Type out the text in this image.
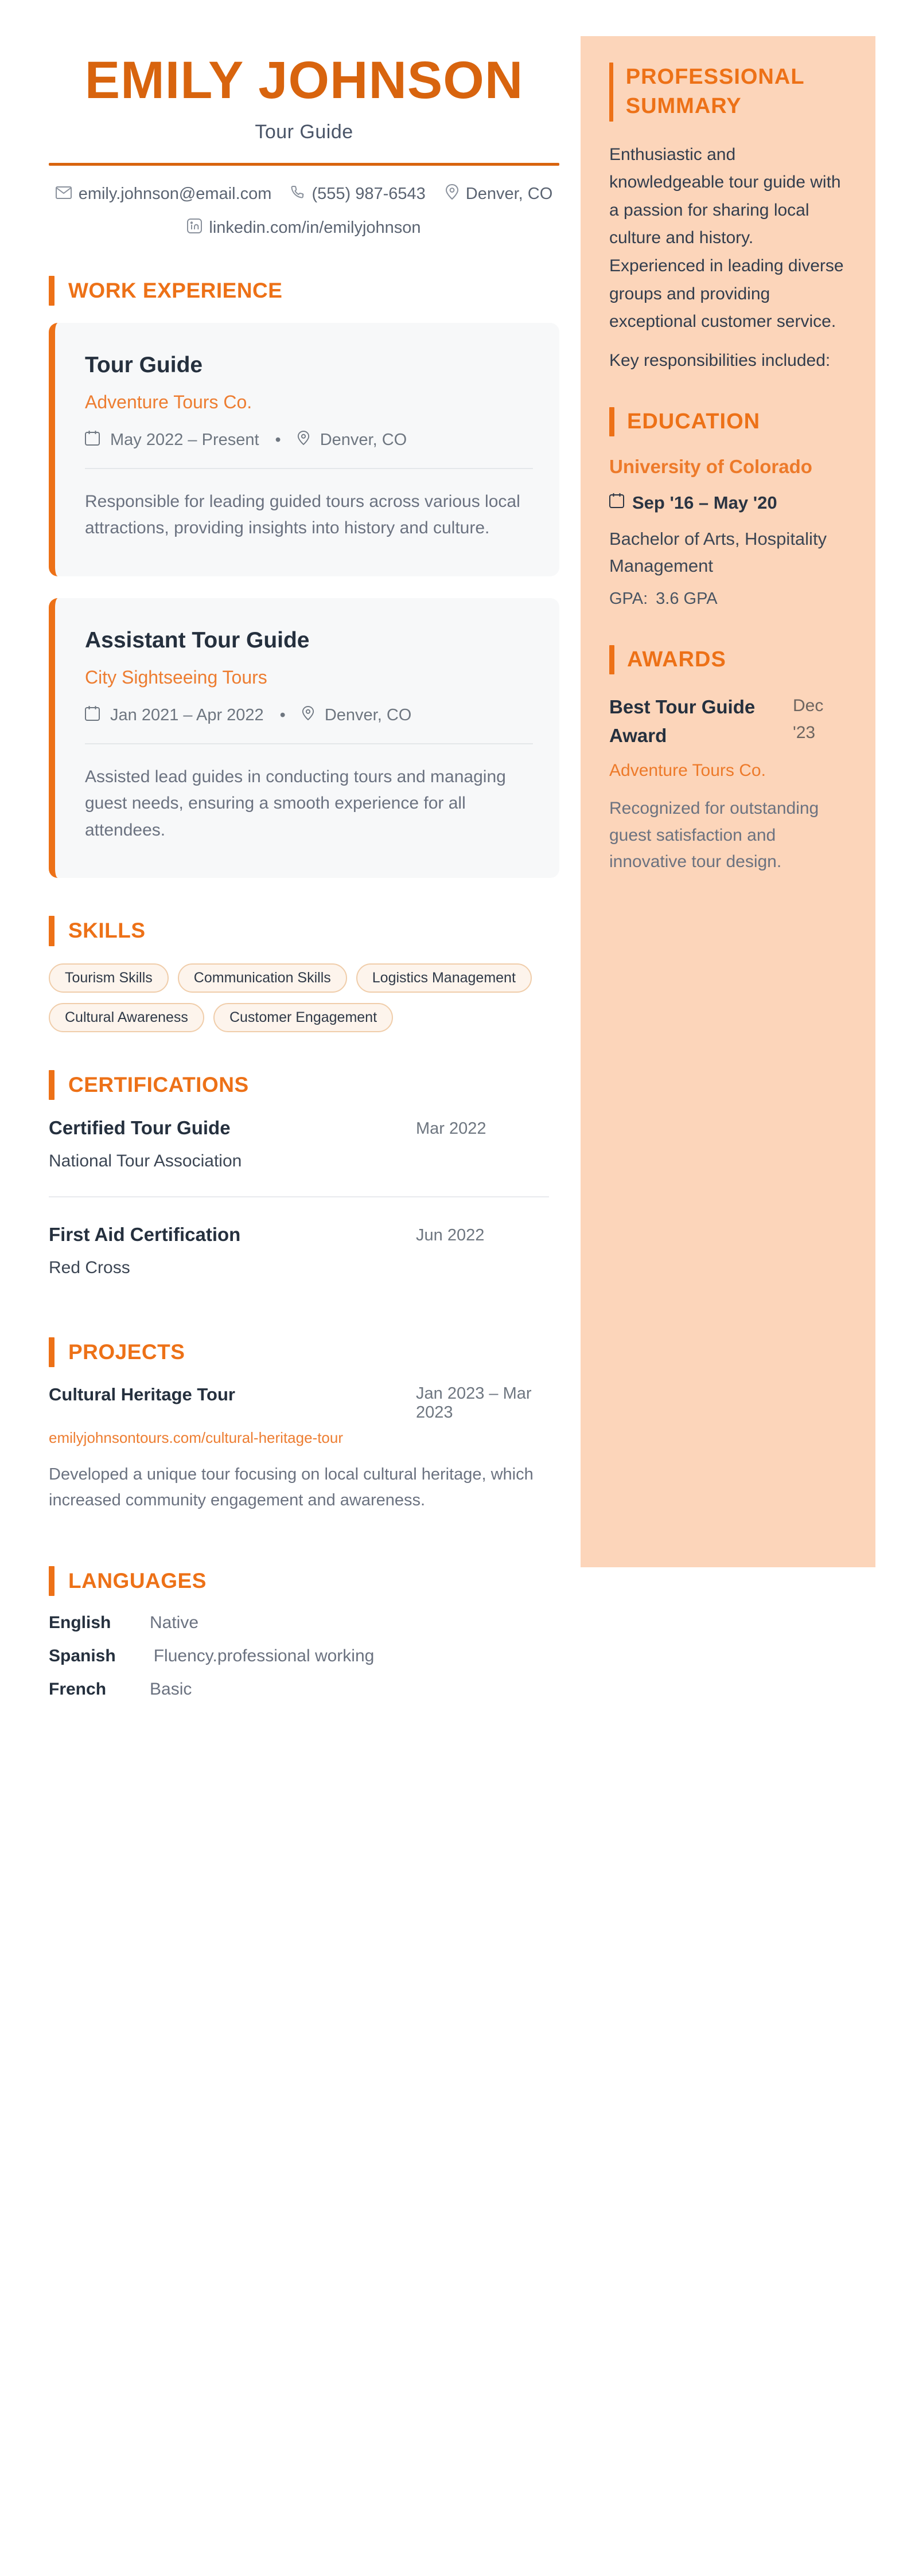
EMILY JOHNSON
Tour Guide
emily.johnson@email.com (555) 987-6543 Denver, CO
linkedin.com/in/emilyjohnson
WORK EXPERIENCE
Tour Guide
Adventure Tours Co.
May 2022 – Present • Denver, CO

Responsible for leading guided tours across various local attractions, providing insights into history and culture.

Assistant Tour Guide
City Sightseeing Tours
Jan 2021 – Apr 2022 • Denver, CO

Assisted lead guides in conducting tours and managing guest needs, ensuring a smooth experience for all attendees.

SKILLS
Tourism Skills	Communication Skills	Logistics Management
Cultural Awareness	Customer Engagement
CERTIFICATIONS
Certified Tour Guide
National Tour Association
Mar 2022
First Aid Certification
Red Cross
Jun 2022
PROJECTS
Cultural Heritage Tour	Jan 2023 – Mar 2023
emilyjohnsontours.com/cultural-heritage-tour

Developed a unique tour focusing on local cultural heritage, which increased community engagement and awareness.

LANGUAGES
English	Native
Spanish	Fluency.professional working
French	Basic
PROFESSIONAL SUMMARY

Enthusiastic and knowledgeable tour guide with a passion for sharing local culture and history. Experienced in leading diverse groups and providing exceptional customer service.

Key responsibilities included:

EDUCATION
University of Colorado
Sep '16 – May '20
Bachelor of Arts, Hospitality Management
GPA: 3.6 GPA
AWARDS
Best Tour Guide Award
Dec '23
Adventure Tours Co.

Recognized for outstanding guest satisfaction and innovative tour design.
